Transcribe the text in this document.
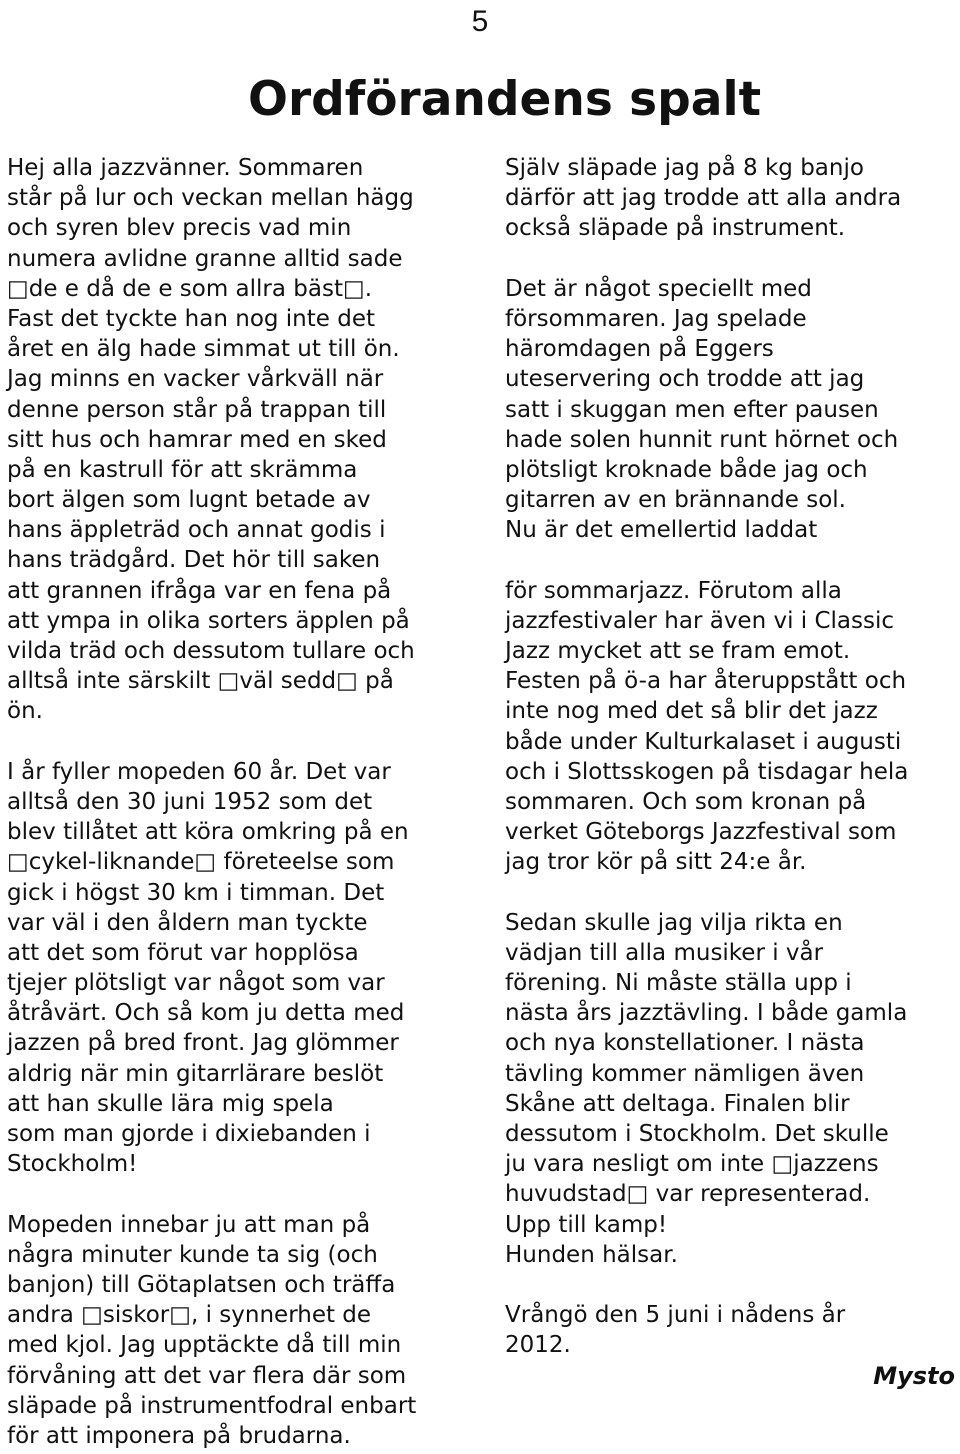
5
Ordförandens spalt
Hej alla jazzvänner. Sommaren
står på lur och veckan mellan hägg
och syren blev precis vad min
numera avlidne granne alltid sade
□de e då de e som allra bäst□.
Fast det tyckte han nog inte det
året en älg hade simmat ut till ön.
Jag minns en vacker vårkväll när
denne person står på trappan till
sitt hus och hamrar med en sked
på en kastrull för att skrämma
bort älgen som lugnt betade av
hans äppleträd och annat godis i
hans trädgård. Det hör till saken
att grannen ifråga var en fena på
att ympa in olika sorters äpplen på
vilda träd och dessutom tullare och
alltså inte särskilt □väl sedd□ på
ön.
I år fyller mopeden 60 år. Det var
alltså den 30 juni 1952 som det
blev tillåtet att köra omkring på en
□cykel-liknande□ företeelse som
gick i högst 30 km i timman. Det
var väl i den åldern man tyckte
att det som förut var hopplösa
tjejer plötsligt var något som var
åtråvärt. Och så kom ju detta med
jazzen på bred front. Jag glömmer
aldrig när min gitarrlärare beslöt
att han skulle lära mig spela
som man gjorde i dixiebanden i
Stockholm!
Mopeden innebar ju att man på
några minuter kunde ta sig (och
banjon) till Götaplatsen och träffa
andra □siskor□, i synnerhet de
med kjol. Jag upptäckte då till min
förvåning att det var flera där som
släpade på instrumentfodral enbart
för att imponera på brudarna.
Själv släpade jag på 8 kg banjo
därför att jag trodde att alla andra
också släpade på instrument.
Det är något speciellt med
försommaren. Jag spelade
häromdagen på Eggers
uteservering och trodde att jag
satt i skuggan men efter pausen
hade solen hunnit runt hörnet och
plötsligt kroknade både jag och
gitarren av en brännande sol.
Nu är det emellertid laddat
för sommarjazz. Förutom alla
jazzfestivaler har även vi i Classic
Jazz mycket att se fram emot.
Festen på ö-a har återuppstått och
inte nog med det så blir det jazz
både under Kulturkalaset i augusti
och i Slottsskogen på tisdagar hela
sommaren. Och som kronan på
verket Göteborgs Jazzfestival som
jag tror kör på sitt 24:e år.
Sedan skulle jag vilja rikta en
vädjan till alla musiker i vår
förening. Ni måste ställa upp i
nästa års jazztävling. I både gamla
och nya konstellationer. I nästa
tävling kommer nämligen även
Skåne att deltaga. Finalen blir
dessutom i Stockholm. Det skulle
ju vara nesligt om inte □jazzens
huvudstad□ var representerad.
Upp till kamp!
Hunden hälsar.
Vrångö den 5 juni i nådens år
2012.
Mysto
